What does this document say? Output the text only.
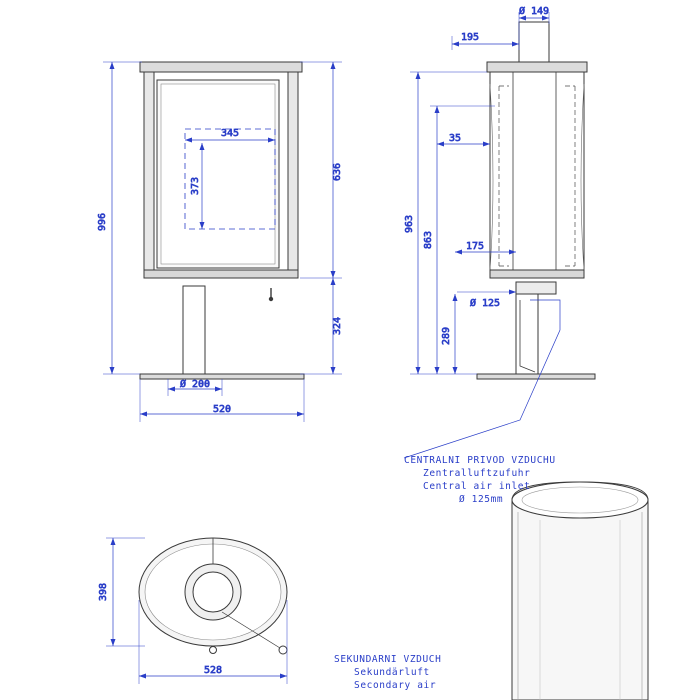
996
636
324
345
373
Ø 200
520
Ø 149
195
963
863
35
175
Ø 125
289
398
528
CENTRALNI PRIVOD VZDUCHU
Zentralluftzufuhr
Central air inlet
Ø 125mm
SEKUNDARNI VZDUCH
Sekundärluft
Secondary air
